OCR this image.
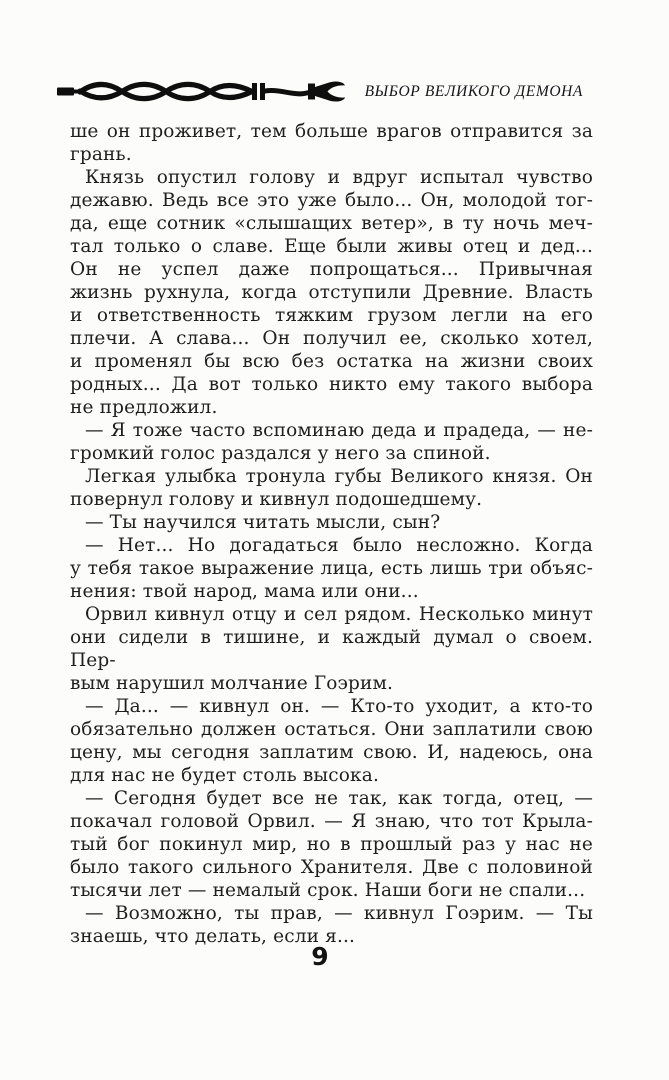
ВЫБОР ВЕЛИКОГО ДЕМОНА
ше он проживет, тем больше врагов отправится за
грань.
Князь опустил голову и вдруг испытал чувство
дежавю. Ведь все это уже было... Он, молодой тог-
да, еще сотник «слышащих ветер», в ту ночь меч-
тал только о славе. Еще были живы отец и дед...
Он не успел даже попрощаться... Привычная
жизнь рухнула, когда отступили Древние. Власть
и ответственность тяжким грузом легли на его
плечи. А слава... Он получил ее, сколько хотел,
и променял бы всю без остатка на жизни своих
родных... Да вот только никто ему такого выбора
не предложил.
— Я тоже часто вспоминаю деда и прадеда, — не-
громкий голос раздался у него за спиной.
Легкая улыбка тронула губы Великого князя. Он
повернул голову и кивнул подошедшему.
— Ты научился читать мысли, сын?
— Нет... Но догадаться было несложно. Когда
у тебя такое выражение лица, есть лишь три объяс-
нения: твой народ, мама или они...
Орвил кивнул отцу и сел рядом. Несколько минут
они сидели в тишине, и каждый думал о своем. Пер-
вым нарушил молчание Гоэрим.
— Да... — кивнул он. — Кто-то уходит, а кто-то
обязательно должен остаться. Они заплатили свою
цену, мы сегодня заплатим свою. И, надеюсь, она
для нас не будет столь высока.
— Сегодня будет все не так, как тогда, отец, —
покачал головой Орвил. — Я знаю, что тот Крыла-
тый бог покинул мир, но в прошлый раз у нас не
было такого сильного Хранителя. Две с половиной
тысячи лет — немалый срок. Наши боги не спали...
— Возможно, ты прав, — кивнул Гоэрим. — Ты
знаешь, что делать, если я...
9
